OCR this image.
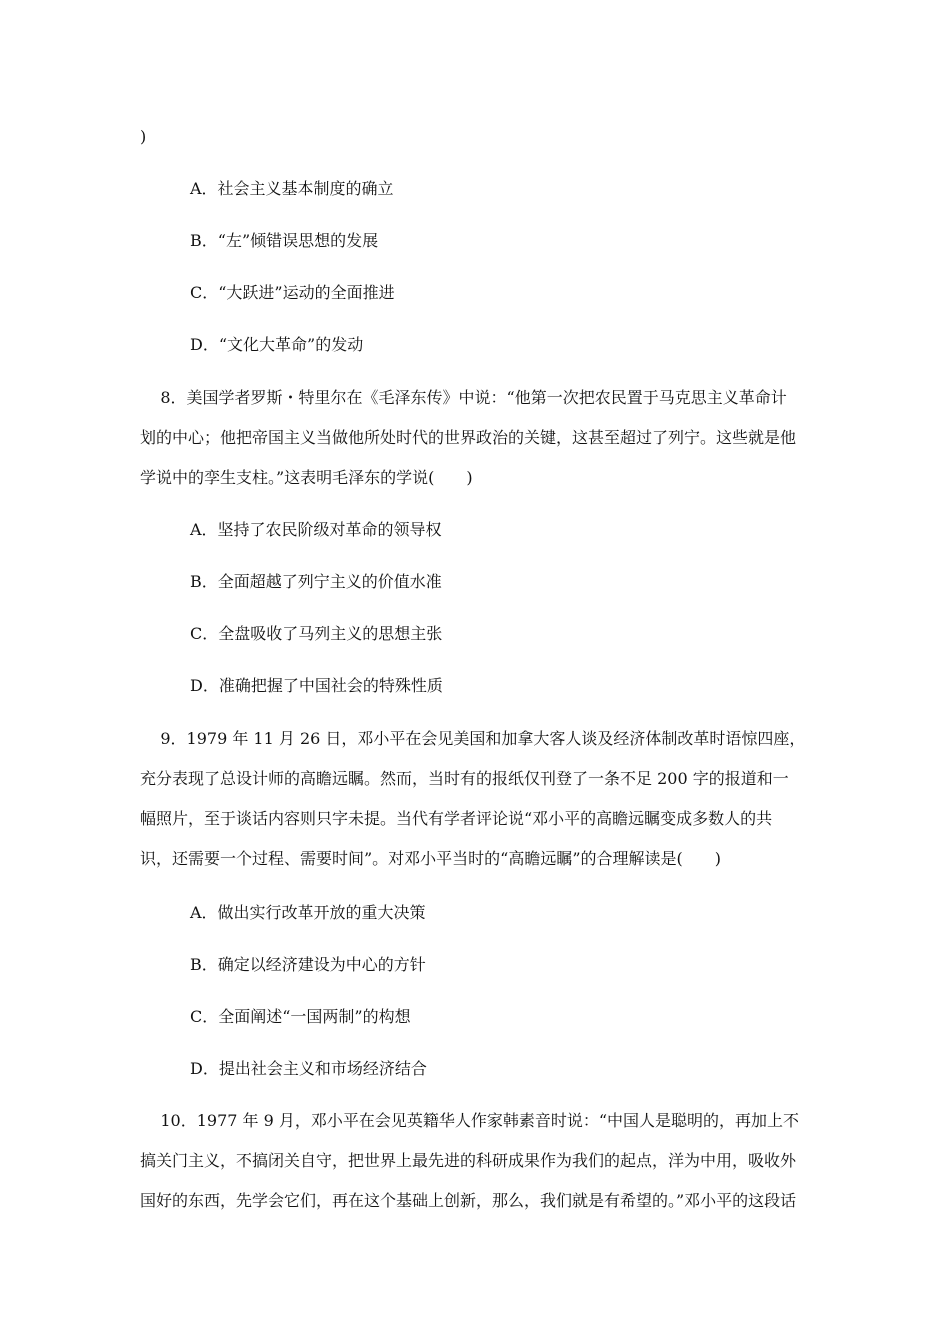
)
A．社会主义基本制度的确立
B．“左”倾错误思想的发展
C．“大跃进”运动的全面推进
D．“文化大革命”的发动
8．美国学者罗斯・特里尔在《毛泽东传》中说：“他第一次把农民置于马克思主义革命计
划的中心；他把帝国主义当做他所处时代的世界政治的关键，这甚至超过了列宁。这些就是他
学说中的孪生支柱。”这表明毛泽东的学说(　　)
A．坚持了农民阶级对革命的领导权
B．全面超越了列宁主义的价值水准
C．全盘吸收了马列主义的思想主张
D．准确把握了中国社会的特殊性质
9．1979 年 11 月 26 日，邓小平在会见美国和加拿大客人谈及经济体制改革时语惊四座，
充分表现了总设计师的高瞻远瞩。然而，当时有的报纸仅刊登了一条不足 200 字的报道和一
幅照片，至于谈话内容则只字未提。当代有学者评论说“邓小平的高瞻远瞩变成多数人的共
识，还需要一个过程、需要时间”。对邓小平当时的“高瞻远瞩”的合理解读是(　　)
A．做出实行改革开放的重大决策
B．确定以经济建设为中心的方针
C．全面阐述“一国两制”的构想
D．提出社会主义和市场经济结合
10．1977 年 9 月，邓小平在会见英籍华人作家韩素音时说：“中国人是聪明的，再加上不
搞关门主义，不搞闭关自守，把世界上最先进的科研成果作为我们的起点，洋为中用，吸收外
国好的东西，先学会它们，再在这个基础上创新，那么，我们就是有希望的。”邓小平的这段话
